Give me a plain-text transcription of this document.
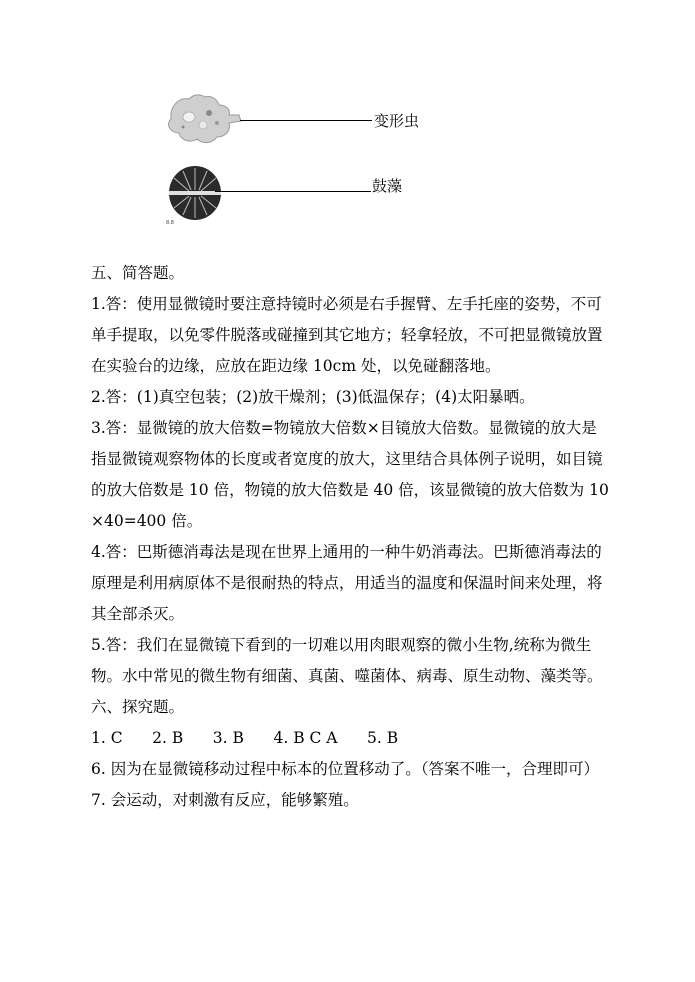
变形虫
8.8
鼓藻

五、简答题。

1.答：使用显微镜时要注意持镜时必须是右手握臂、左手托座的姿势，不可单手提取，以免零件脱落或碰撞到其它地方；轻拿轻放，不可把显微镜放置在实验台的边缘，应放在距边缘 10cm 处，以免碰翻落地。

2.答：(1)真空包装；(2)放干燥剂；(3)低温保存；(4)太阳暴晒。

3.答：显微镜的放大倍数=物镜放大倍数×目镜放大倍数。显微镜的放大是指显微镜观察物体的长度或者宽度的放大，这里结合具体例子说明，如目镜的放大倍数是 10 倍，物镜的放大倍数是 40 倍，该显微镜的放大倍数为 10×40=400 倍。

4.答：巴斯德消毒法是现在世界上通用的一种牛奶消毒法。巴斯德消毒法的原理是利用病原体不是很耐热的特点，用适当的温度和保温时间来处理，将其全部杀灭。

5.答：我们在显微镜下看到的一切难以用肉眼观察的微小生物,统称为微生物。水中常见的微生物有细菌、真菌、噬菌体、病毒、原生动物、藻类等。

六、探究题。

1. C      2. B      3. B      4. B C A      5. B

6. 因为在显微镜移动过程中标本的位置移动了。（答案不唯一，合理即可）

7. 会运动，对刺激有反应，能够繁殖。
